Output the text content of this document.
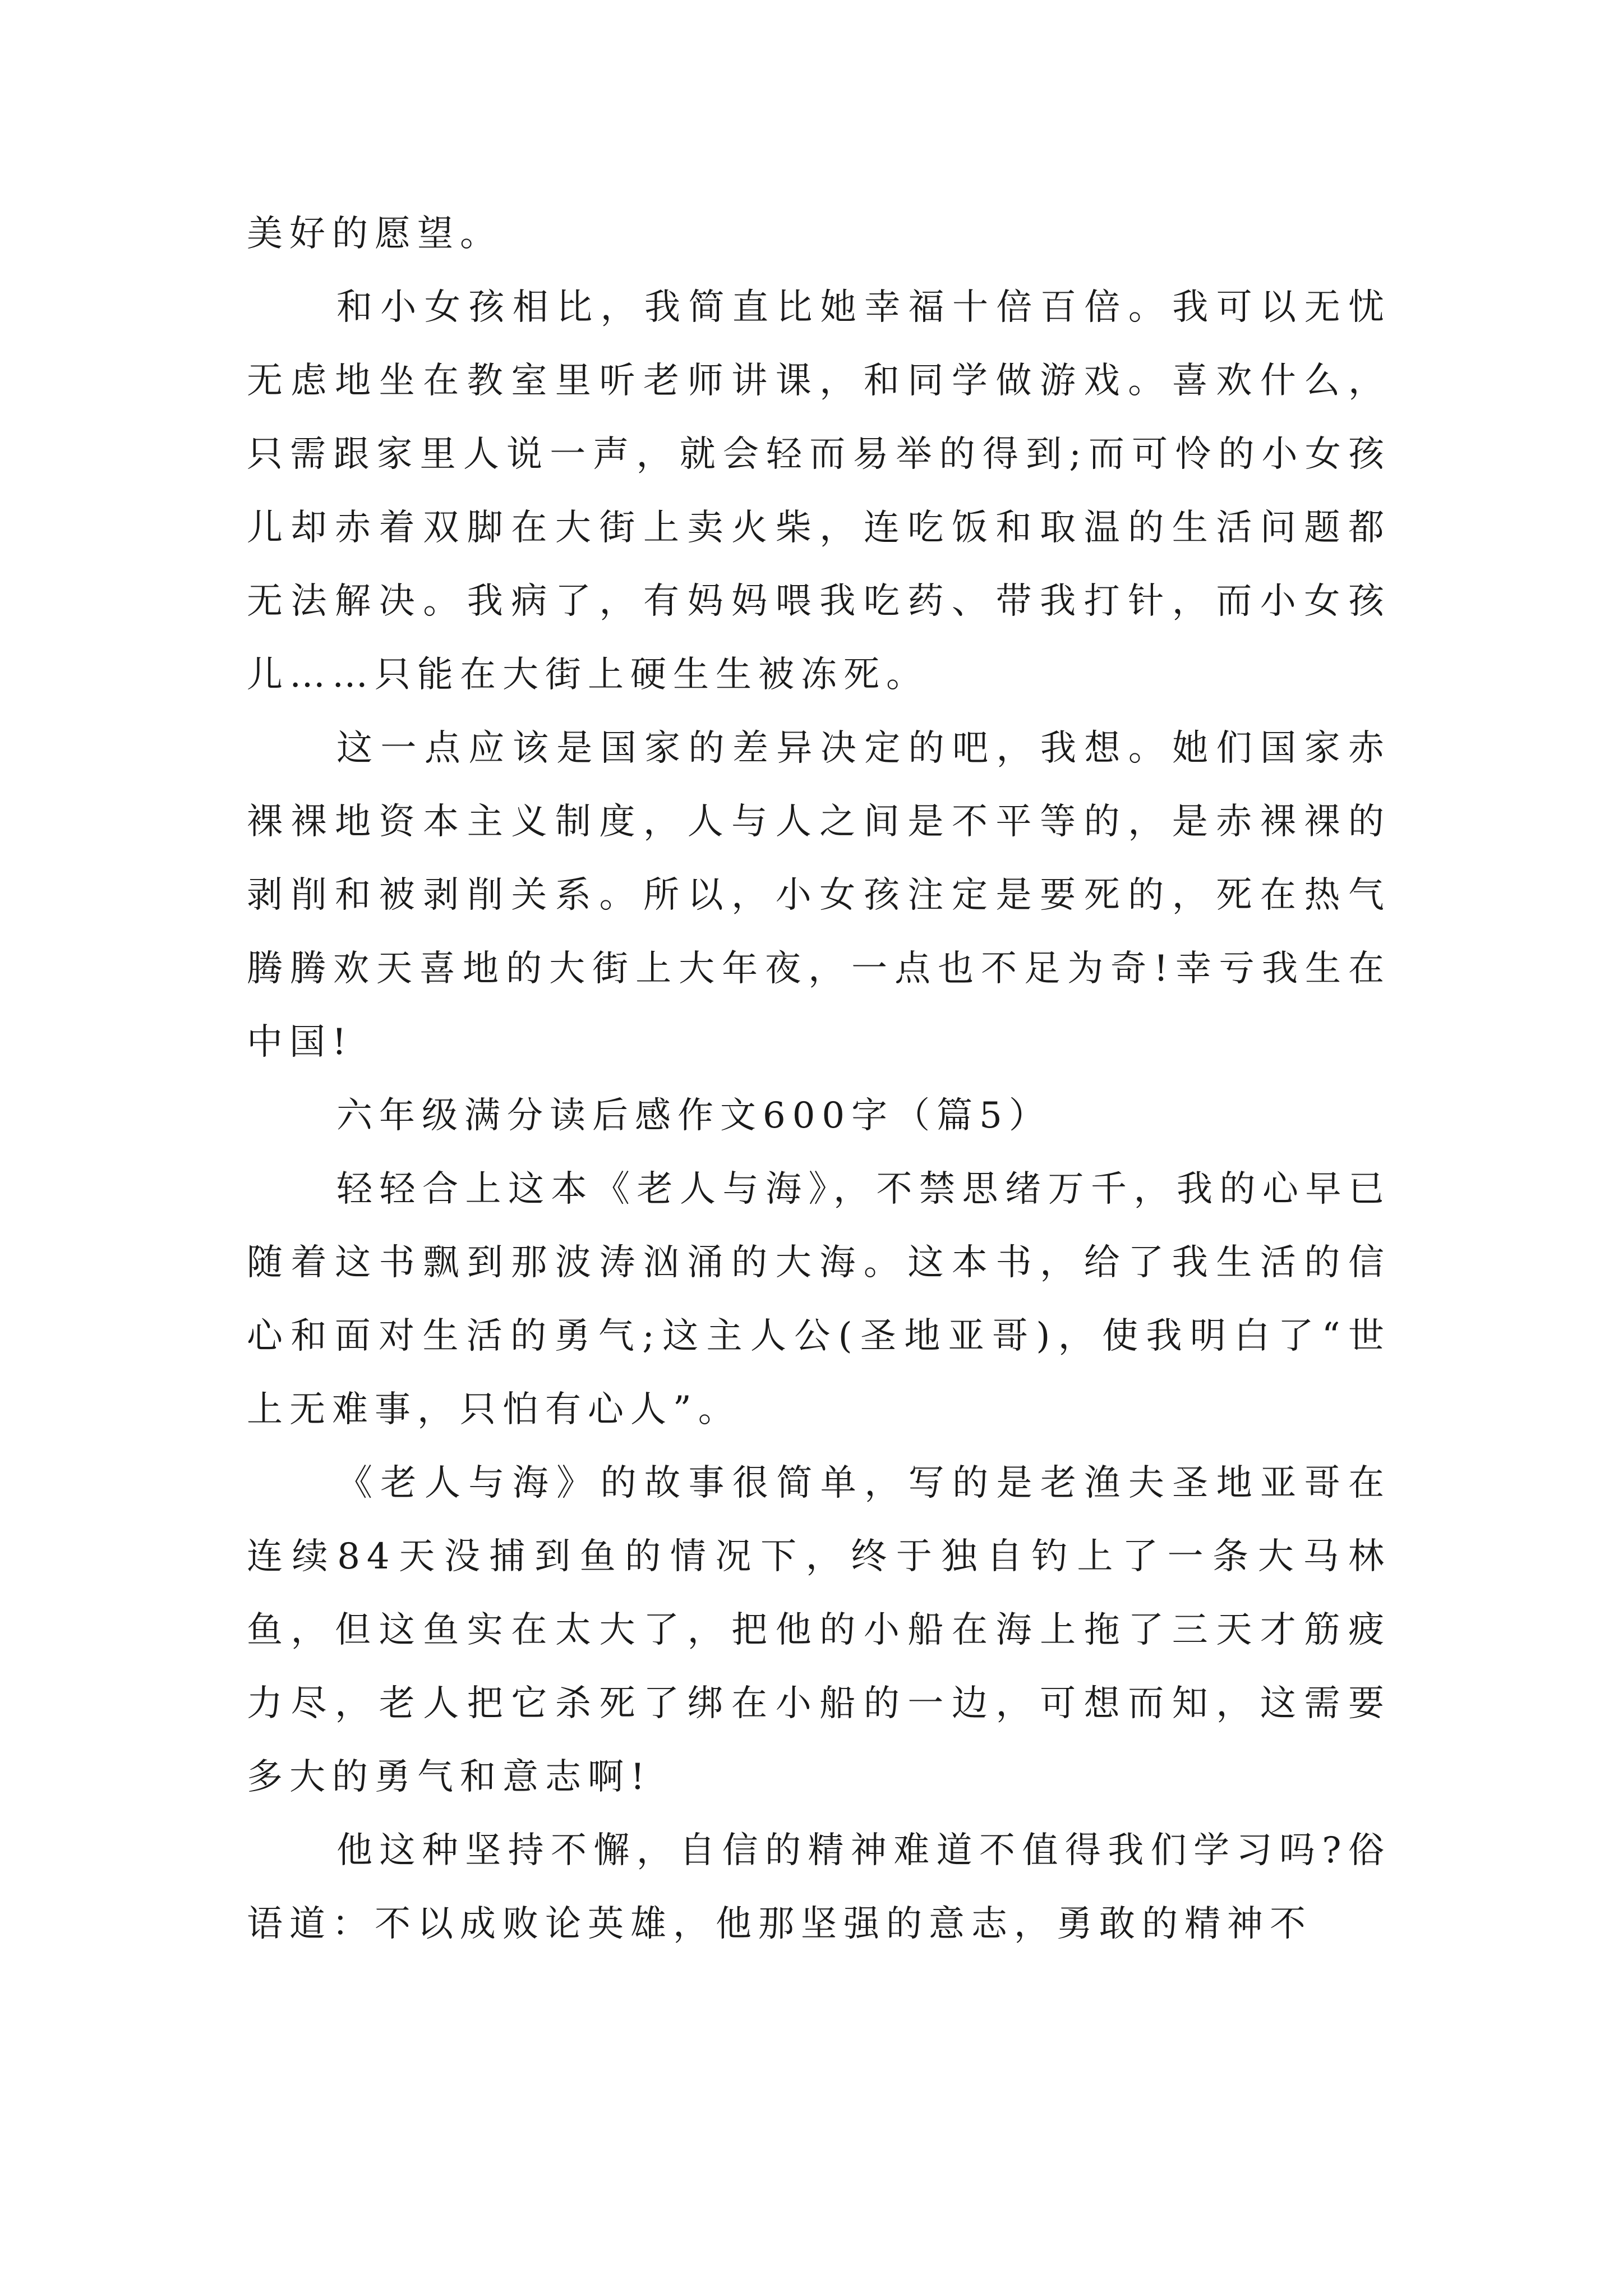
美好的愿望。

和小女孩相比，我简直比她幸福十倍百倍。我可以无忧无虑地坐在教室里听老师讲课，和同学做游戏。喜欢什么，只需跟家里人说一声，就会轻而易举的得到;而可怜的小女孩儿却赤着双脚在大街上卖火柴，连吃饭和取温的生活问题都无法解决。我病了，有妈妈喂我吃药、带我打针，而小女孩儿……只能在大街上硬生生被冻死。

这一点应该是国家的差异决定的吧，我想。她们国家赤裸裸地资本主义制度，人与人之间是不平等的，是赤裸裸的剥削和被剥削关系。所以，小女孩注定是要死的，死在热气腾腾欢天喜地的大街上大年夜，一点也不足为奇!幸亏我生在中国!

六年级满分读后感作文600字（篇5）

轻轻合上这本《老人与海》，不禁思绪万千，我的心早已随着这书飘到那波涛汹涌的大海。这本书，给了我生活的信心和面对生活的勇气;这主人公(圣地亚哥)，使我明白了“世上无难事，只怕有心人”。

《老人与海》的故事很简单，写的是老渔夫圣地亚哥在连续84天没捕到鱼的情况下，终于独自钓上了一条大马林鱼，但这鱼实在太大了，把他的小船在海上拖了三天才筋疲力尽，老人把它杀死了绑在小船的一边，可想而知，这需要多大的勇气和意志啊!

他这种坚持不懈，自信的精神难道不值得我们学习吗?俗语道：不以成败论英雄，他那坚强的意志，勇敢的精神不
